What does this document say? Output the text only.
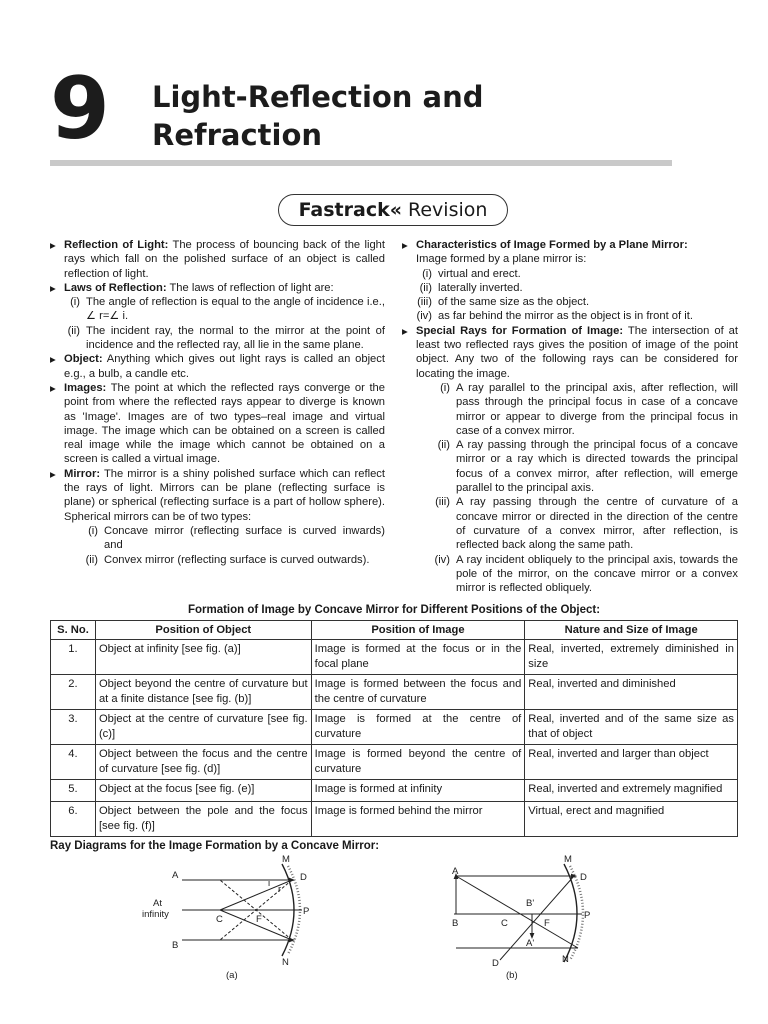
9 Light-Reflection and
Refraction
Fastrack« Revision

▶ Reflection of Light: The process of bouncing back of the light rays which fall on the polished surface of an object is called reflection of light.

▶ Laws of Reflection: The laws of reflection of light are:

(i) The angle of reflection is equal to the angle of incidence i.e., ∠ r=∠ i.
(ii) The incident ray, the normal to the mirror at the point of incidence and the reflected ray, all lie in the same plane.

▶ Object: Anything which gives out light rays is called an object e.g., a bulb, a candle etc.

▶ Images: The point at which the reflected rays converge or the point from where the reflected rays appear to diverge is known as 'Image'. Images are of two types–real image and virtual image. The image which can be obtained on a screen is called real image while the image which cannot be obtained on a screen is called a virtual image.

▶ Mirror: The mirror is a shiny polished surface which can reflect the rays of light. Mirrors can be plane (reflecting surface is plane) or spherical (reflecting surface is a part of hollow sphere). Spherical mirrors can be of two types:

(i) Concave mirror (reflecting surface is curved inwards) and
(ii) Convex mirror (reflecting surface is curved outwards).

▶ Characteristics of Image Formed by a Plane Mirror:

Image formed by a plane mirror is:

(i) virtual and erect.
(ii) laterally inverted.
(iii) of the same size as the object.
(iv) as far behind the mirror as the object is in front of it.

▶ Special Rays for Formation of Image: The intersection of at least two reflected rays gives the position of image of the point object. Any two of the following rays can be considered for locating the image.

(i) A ray parallel to the principal axis, after reflection, will pass through the principal focus in case of a concave mirror or appear to diverge from the principal focus in case of a convex mirror.
(ii) A ray passing through the principal focus of a concave mirror or a ray which is directed towards the principal focus of a convex mirror, after reflection, will emerge parallel to the principal axis.
(iii) A ray passing through the centre of curvature of a concave mirror or directed in the direction of the centre of curvature of a convex mirror, after reflection, is reflected back along the same path.
(iv) A ray incident obliquely to the principal axis, towards the pole of the mirror, on the concave mirror or a convex mirror is reflected obliquely.
Formation of Image by Concave Mirror for Different Positions of the Object:
S. No.	Position of Object	Position of Image	Nature and Size of Image
1.	Object at infinity [see fig. (a)]	Image is formed at the focus or in the focal plane	Real, inverted, extremely diminished in size
2.	Object beyond the centre of curvature but at a finite distance [see fig. (b)]	Image is formed between the focus and the centre of curvature	Real, inverted and diminished
3.	Object at the centre of curvature [see fig. (c)]	Image is formed at the centre of curvature	Real, inverted and of the same size as that of object
4.	Object between the focus and the centre of curvature [see fig. (d)]	Image is formed beyond the centre of curvature	Real, inverted and larger than object
5.	Object at the focus [see fig. (e)]	Image is formed at infinity	Real, inverted and extremely magnified
6.	Object between the pole and the focus [see fig. (f)]	Image is formed behind the mirror	Virtual, erect and magnified
Ray Diagrams for the Image Formation by a Concave Mirror:
M
A	D
i
r
At
infinity	C	F
P
B
N
(a)
M
A
D
B'
B	C	F
P
A'
D	N
(b)
